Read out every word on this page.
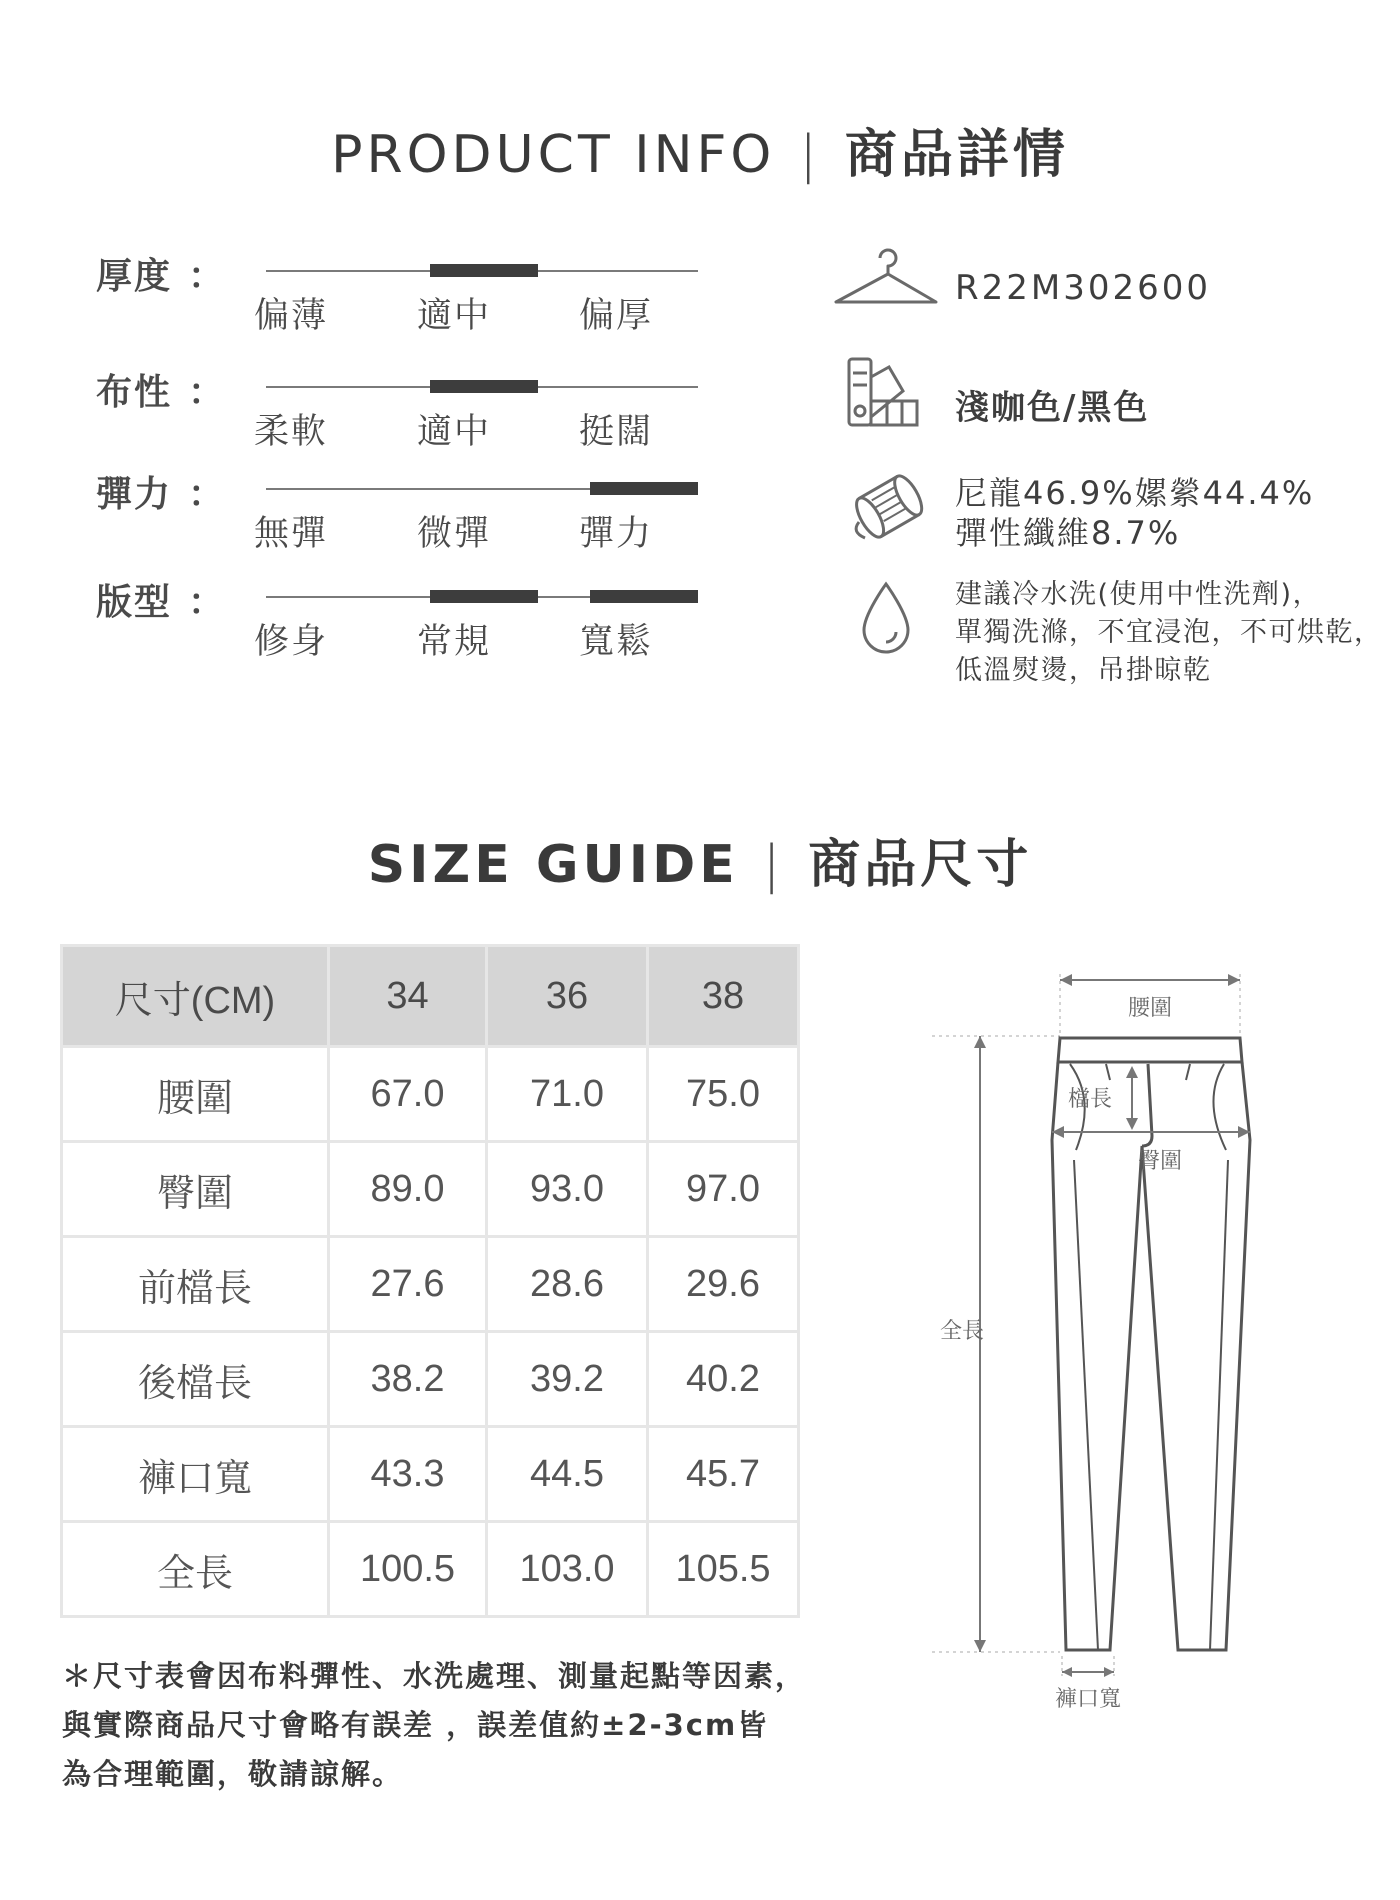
PRODUCT INFO | 商品詳情
厚度 ：
偏薄	適中	偏厚
布性 ：
柔軟	適中	挺闊
彈力 ：
無彈	微彈	彈力
版型 ：
修身	常規	寬鬆
R22M302600
淺咖色/黑色
尼龍46.9%嫘縈44.4%
彈性纖維8.7%
建議冷水洗(使用中性洗劑)，
單獨洗滌，不宜浸泡，不可烘乾，
低溫熨燙，吊掛晾乾
SIZE GUIDE | 商品尺寸
尺寸(CM)	34	36	38
腰圍	67.0	71.0	75.0
臀圍	89.0	93.0	97.0
前檔長	27.6	28.6	29.6
後檔長	38.2	39.2	40.2
褲口寬	43.3	44.5	45.7
全長	100.5	103.0	105.5
＊尺寸表會因布料彈性、水洗處理、測量起點等因素，
與實際商品尺寸會略有誤差 ，誤差值約±2-3cm皆
為合理範圍，敬請諒解。
腰圍
全長
檔長
臀圍
褲口寬
